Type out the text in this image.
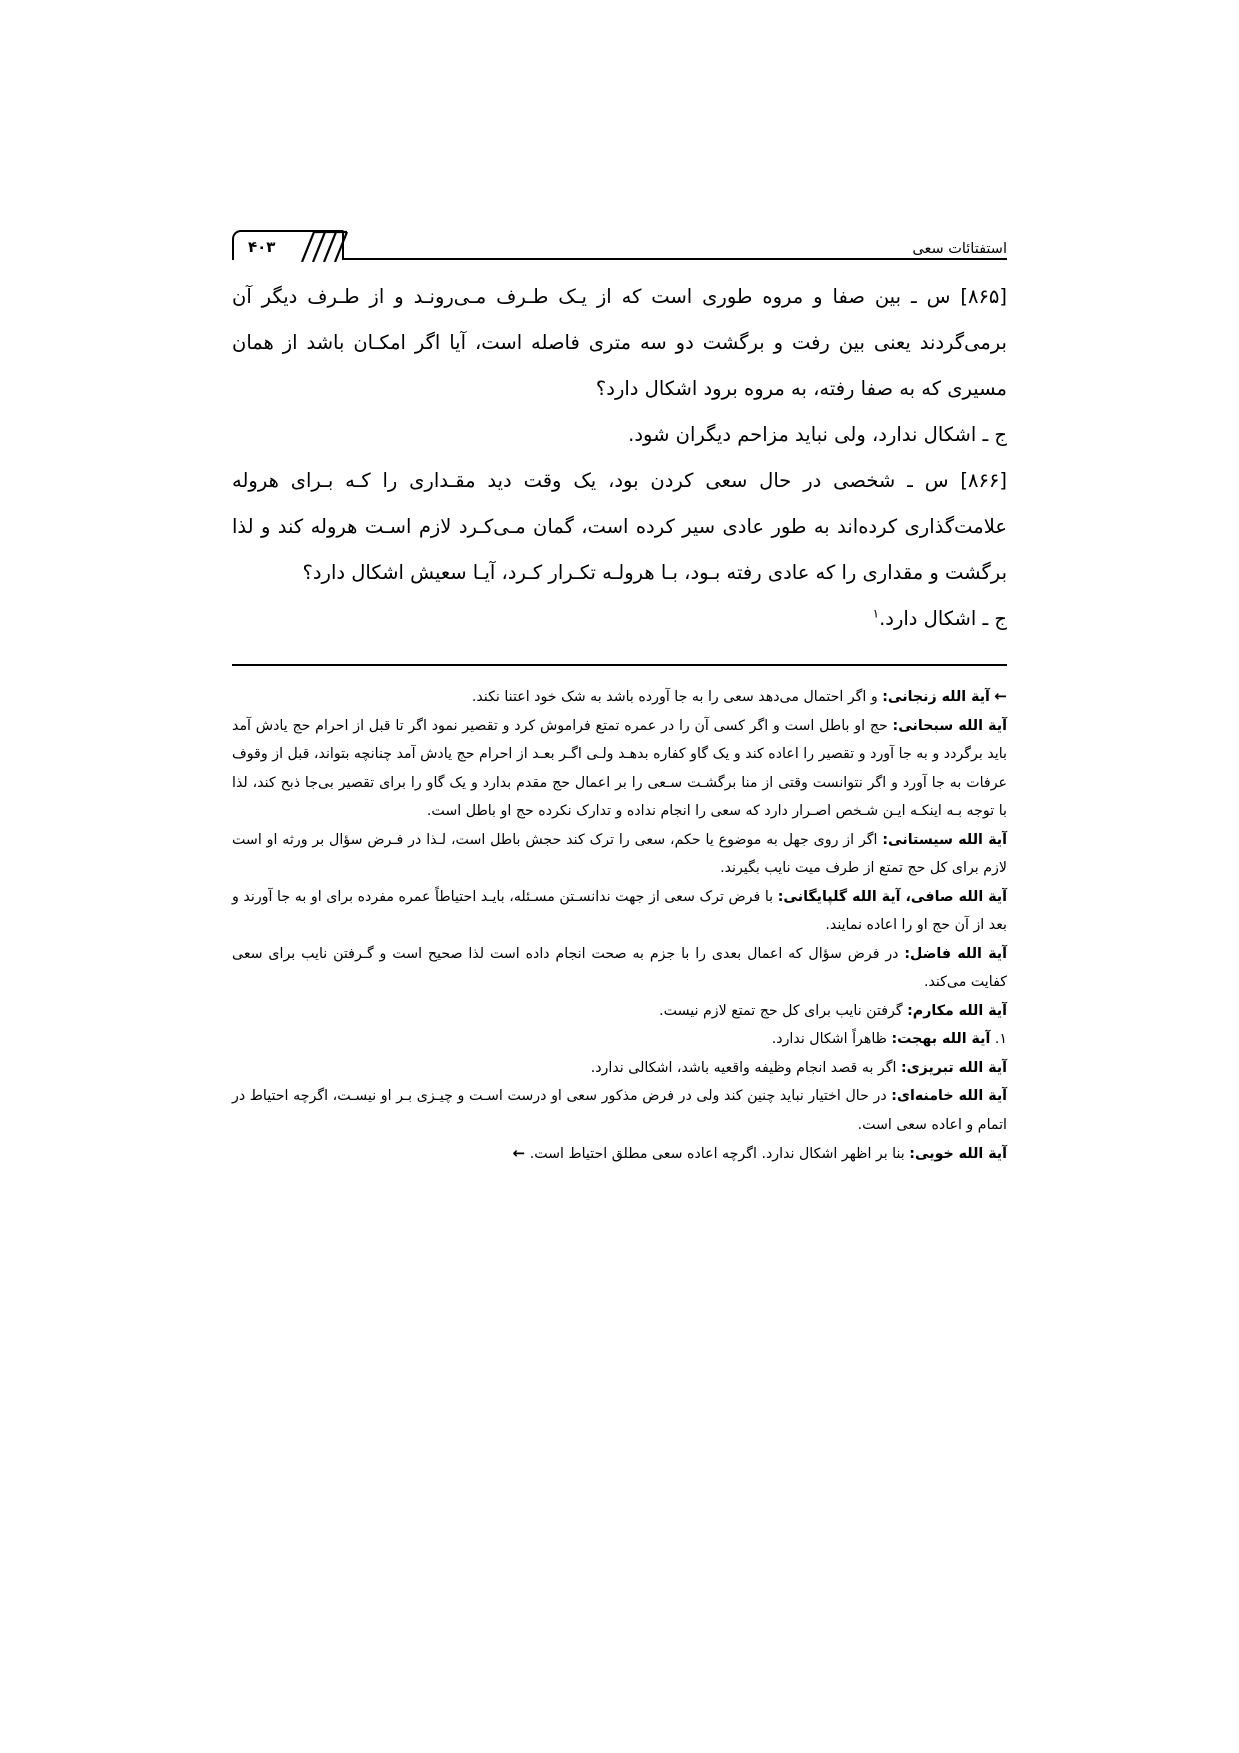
استفتائات سعی
۴۰۳

[۸۶۵] س ـ بین صفا و مروه طوری است که از یـک طـرف مـی‌رونـد و از طـرف دیگر آن برمی‌گردند یعنی بین رفت و برگشت دو سه متری فاصله است، آیا اگر امکـان باشد از همان مسیری که به صفا رفته، به مروه برود اشکال دارد؟

ج ـ اشکال ندارد، ولی نباید مزاحم دیگران شود.

[۸۶۶] س ـ شخصی در حال سعی کردن بود، یک وقت دید مقـداری را کـه بـرای هروله علامت‌گذاری کرده‌اند به طور عادی سیر کرده است، گمان مـی‌کـرد لازم اسـت هروله کند و لذا برگشت و مقداری را که عادی رفته بـود، بـا هرولـه تکـرار کـرد، آیـا سعیش اشکال دارد؟

ج ـ اشکال دارد.$^۱$

← آیة الله زنجانی: و اگر احتمال می‌دهد سعی را به جا آورده باشد به شک خود اعتنا نکند.

آیة الله سبحانی: حج او باطل است و اگر کسی آن را در عمره تمتع فراموش کرد و تقصیر نمود اگر تا قبل از احرام حج یادش آمد باید برگردد و به جا آورد و تقصیر را اعاده کند و یک گاو کفاره بدهـد ولـی اگـر بعـد از احرام حج یادش آمد چنانچه بتواند، قبل از وقوف عرفات به جا آورد و اگر نتوانست وقتی از منا برگشـت سـعی را بر اعمال حج مقدم بدارد و یک گاو را برای تقصیر بی‌جا ذبح کند، لذا با توجه بـه اینکـه ایـن شـخص اصـرار دارد که سعی را انجام نداده و تدارک نکرده حج او باطل است.

آیة الله سیستانی: اگر از روی جهل به موضوع یا حکم، سعی را ترک کند حجش باطل است، لـذا در فـرض سؤال بر ورثه او است لازم برای کل حج تمتع از طرف میت نایب بگیرند.

آیة الله صافی، آیة الله گلپایگانی: با فرض ترک سعی از جهت ندانسـتن مسـئله، بایـد احتیاطاً عمره مفرده برای او به جا آورند و بعد از آن حج او را اعاده نمایند.

آیة الله فاضل: در فرض سؤال که اعمال بعدی را با جزم به صحت انجام داده است لذا صحیح است و گـرفتن نایب برای سعی کفایت می‌کند.

آیة الله مکارم: گرفتن نایب برای کل حج تمتع لازم نیست.

۱. آیة الله بهجت: ظاهراً اشکال ندارد.

آیة الله تبریزی: اگر به قصد انجام وظیفه واقعیه باشد، اشکالی ندارد.

آیة الله خامنه‌ای: در حال اختیار نباید چنین کند ولی در فرض مذکور سعی او درست اسـت و چیـزی بـر او نیسـت، اگرچه احتیاط در اتمام و اعاده سعی است.

آیة الله خویی: بنا بر اظهر اشکال ندارد. اگرچه اعاده سعی مطلق احتیاط است. ←
